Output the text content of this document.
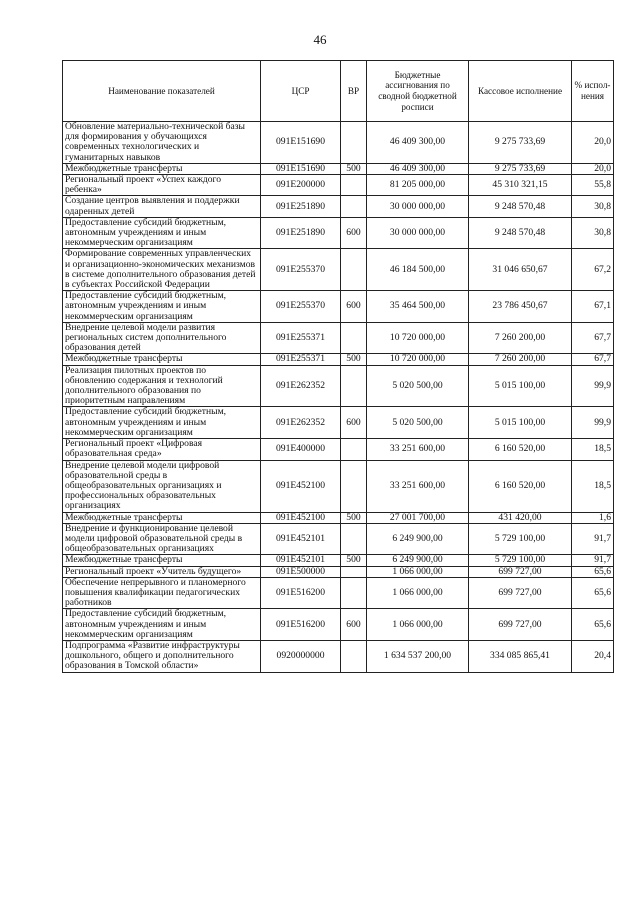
46
Наименование показателей	ЦСР	ВР	Бюджетные ассигнования по сводной бюджетной росписи	Кассовое исполнение	% испол-нения
Обновление материально-технической базы для формирования у обучающихся современных технологических и гуманитарных навыков	091E151690		46 409 300,00	9 275 733,69	20,0
Межбюджетные трансферты	091E151690	500	46 409 300,00	9 275 733,69	20,0
Региональный проект «Успех каждого ребенка»	091E200000		81 205 000,00	45 310 321,15	55,8
Создание центров выявления и поддержки одаренных детей	091E251890		30 000 000,00	9 248 570,48	30,8
Предоставление субсидий бюджетным, автономным учреждениям и иным некоммерческим организациям	091E251890	600	30 000 000,00	9 248 570,48	30,8
Формирование современных управленческих и организационно-экономических механизмов в системе дополнительного образования детей в субъектах Российской Федерации	091E255370		46 184 500,00	31 046 650,67	67,2
Предоставление субсидий бюджетным, автономным учреждениям и иным некоммерческим организациям	091E255370	600	35 464 500,00	23 786 450,67	67,1
Внедрение целевой модели развития региональных систем дополнительного образования детей	091E255371		10 720 000,00	7 260 200,00	67,7
Межбюджетные трансферты	091E255371	500	10 720 000,00	7 260 200,00	67,7
Реализация пилотных проектов по обновлению содержания и технологий дополнительного образования по приоритетным направлениям	091E262352		5 020 500,00	5 015 100,00	99,9
Предоставление субсидий бюджетным, автономным учреждениям и иным некоммерческим организациям	091E262352	600	5 020 500,00	5 015 100,00	99,9
Региональный проект «Цифровая образовательная среда»	091E400000		33 251 600,00	6 160 520,00	18,5
Внедрение целевой модели цифровой образовательной среды в общеобразовательных организациях и профессиональных образовательных организациях	091E452100		33 251 600,00	6 160 520,00	18,5
Межбюджетные трансферты	091E452100	500	27 001 700,00	431 420,00	1,6
Внедрение и функционирование целевой модели цифровой образовательной среды в общеобразовательных организациях	091E452101		6 249 900,00	5 729 100,00	91,7
Межбюджетные трансферты	091E452101	500	6 249 900,00	5 729 100,00	91,7
Региональный проект «Учитель будущего»	091E500000		1 066 000,00	699 727,00	65,6
Обеспечение непрерывного и планомерного повышения квалификации педагогических работников	091E516200		1 066 000,00	699 727,00	65,6
Предоставление субсидий бюджетным, автономным учреждениям и иным некоммерческим организациям	091E516200	600	1 066 000,00	699 727,00	65,6
Подпрограмма «Развитие инфраструктуры дошкольного, общего и дополнительного образования в Томской области»	0920000000		1 634 537 200,00	334 085 865,41	20,4
